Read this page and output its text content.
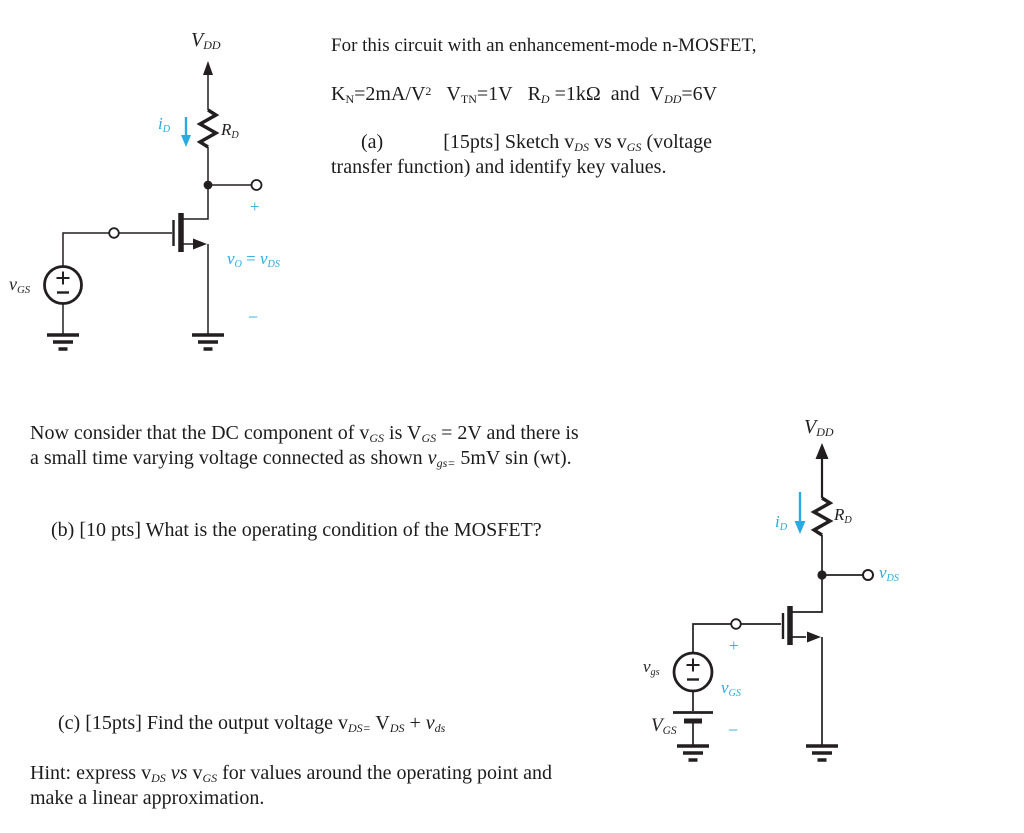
$V_{DD}$
$i_D$	$R_D$
+
$v_O = v_{DS}$
−
$v_{GS}$
For this circuit with an enhancement-mode n-MOSFET,
$K_N=2mA/V^2$   $V_{TN}=1V$   $R_D =1k\Omega$  and  $V_{DD}=6V$
(a)            [15pts] Sketch $v_{DS}$ vs $v_{GS}$ (voltage
transfer function) and identify key values.
Now consider that the DC component of $v_{GS}$ is $V_{GS} = 2V$ and there is
a small time varying voltage connected as shown $v_{gs=}$ 5mV sin (wt).
(b) [10 pts] What is the operating condition of the MOSFET?
(c) [15pts] Find the output voltage $v_{DS=}$ $V_{DS} + v_{ds}$
Hint: express $v_{DS}$ vs $v_{GS}$ for values around the operating point and
make a linear approximation.
$V_{DD}$
$i_D$
$R_D$
$v_{DS}$
+
$v_{GS}$
−
$v_{gs}$
$V_{GS}$
